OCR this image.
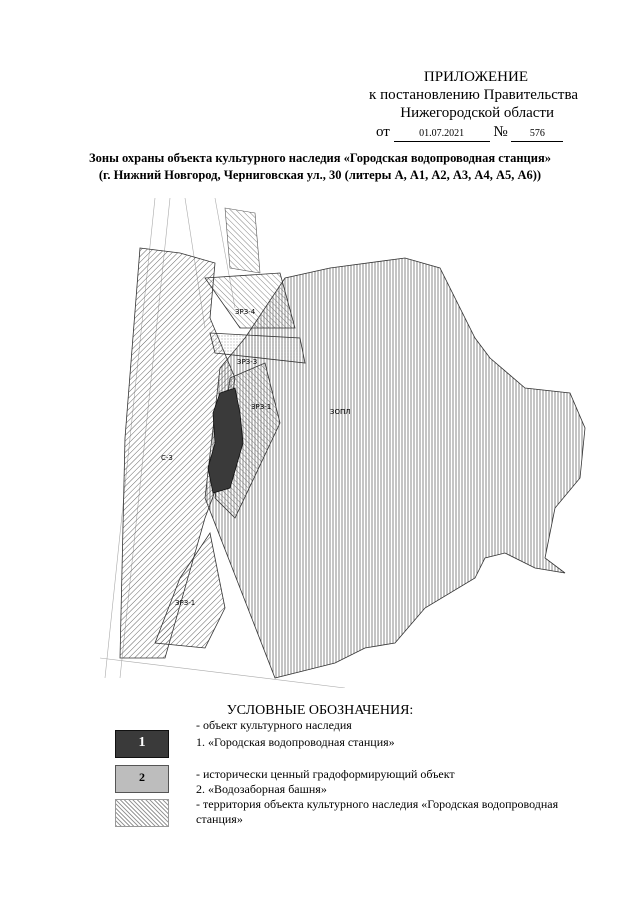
ПРИЛОЖЕНИЕ
к постановлению Правительства
Нижегородской области
от	01.07.2021 № 576
Зоны охраны объекта культурного наследия «Городская водопроводная станция»
(г. Нижний Новгород, Черниговская ул., 30 (литеры А, А1, А2, А3, А4, А5, А6))
ЗРЗ-4
ЗРЗ-3
ЗРЗ-1
ЗОПЛ
ЗРЗ-1
С-3
УСЛОВНЫЕ ОБОЗНАЧЕНИЯ:
1
- объект культурного наследия
1. «Городская водопроводная станция»
2	- исторически ценный градоформирующий объект
2. «Водозаборная башня»
- территория объекта культурного наследия «Городская водопроводная
станция»
